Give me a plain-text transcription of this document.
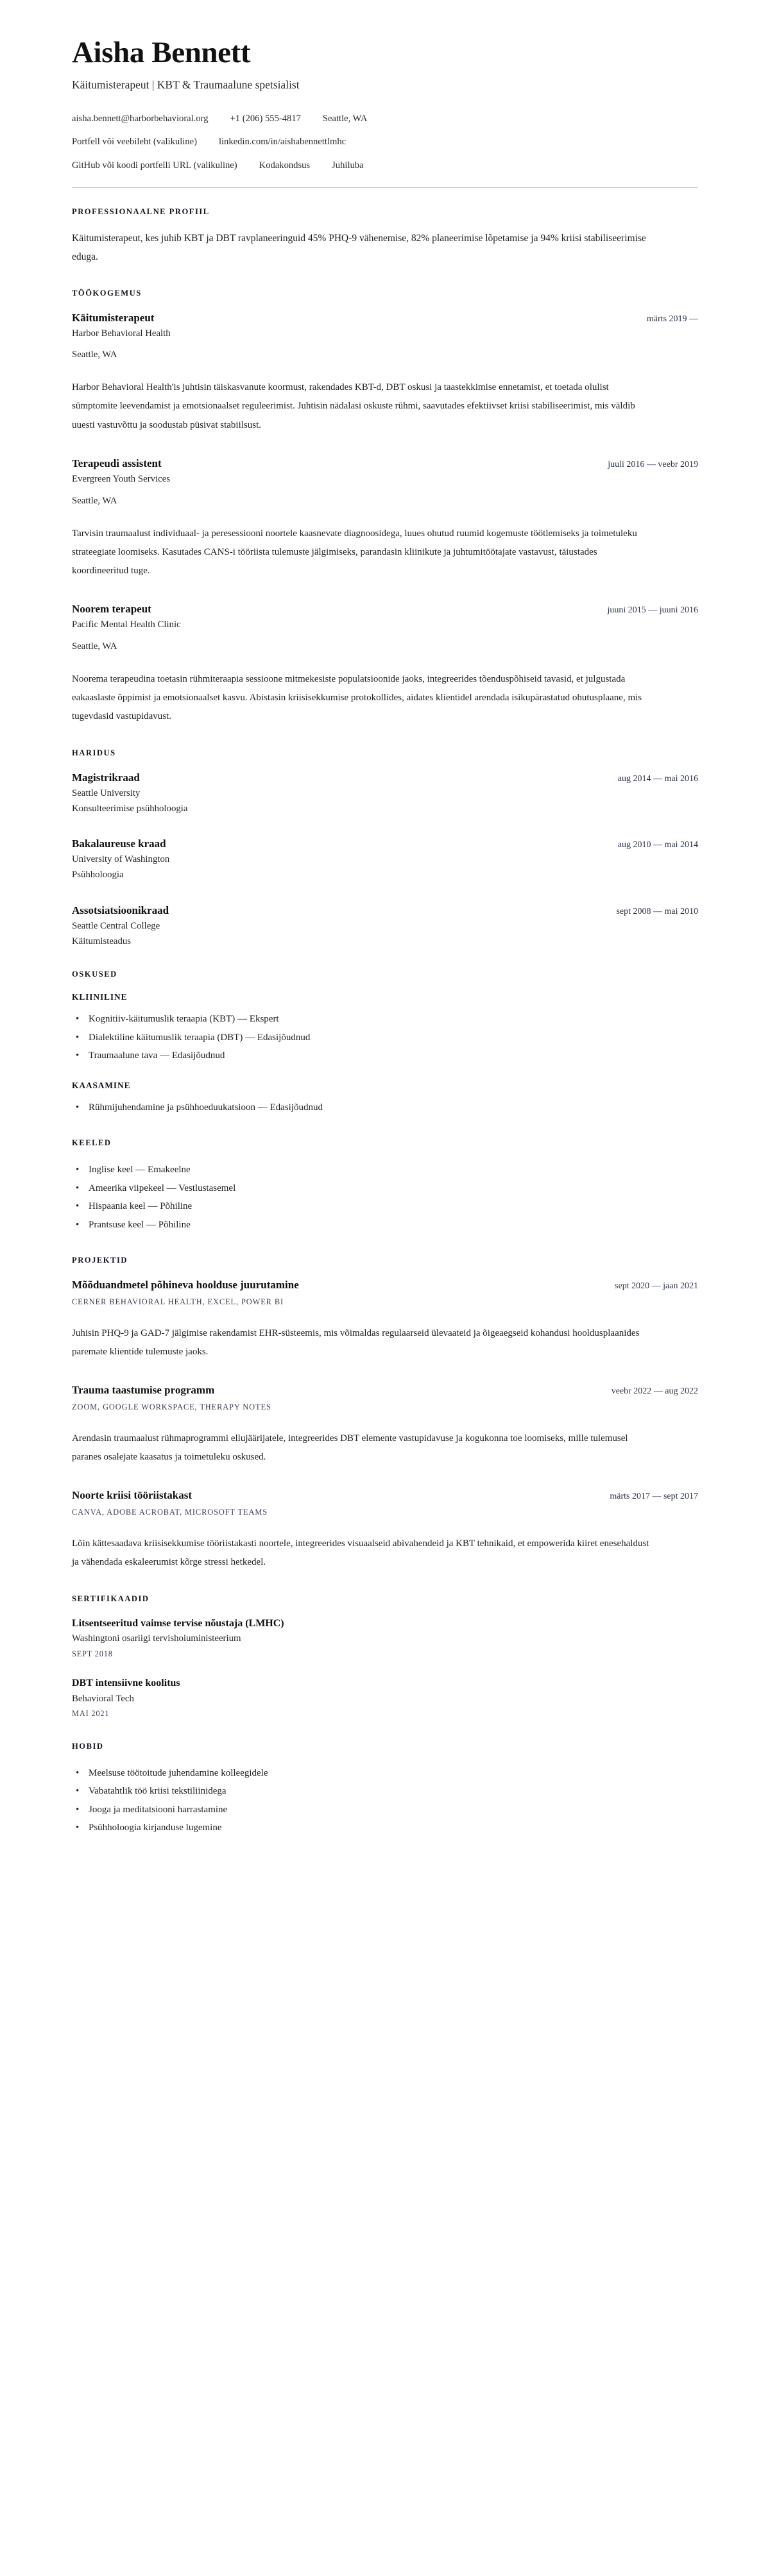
Aisha Bennett
Käitumisterapeut | KBT & Traumaalune spetsialist
aisha.bennett@harborbehavioral.org +1 (206) 555-4817 Seattle, WA
Portfell või veebileht (valikuline) linkedin.com/in/aishabennettlmhc
GitHub või koodi portfelli URL (valikuline) Kodakondsus Juhiluba
PROFESSIONAALNE PROFIIL

Käitumisterapeut, kes juhib KBT ja DBT ravplaneeringuid 45% PHQ-9 vähenemise, 82% planeerimise lõpetamise ja 94% kriisi stabiliseerimise eduga.

TÖÖKOGEMUS
Käitumisterapeut	märts 2019 —
Harbor Behavioral Health
Seattle, WA

Harbor Behavioral Health'is juhtisin täiskasvanute koormust, rakendades KBT-d, DBT oskusi ja taastekkimise ennetamist, et toetada olulist sümptomite leevendamist ja emotsionaalset reguleerimist. Juhtisin nädalasi oskuste rühmi, saavutades efektiivset kriisi stabiliseerimist, mis väldib uuesti vastuvõttu ja soodustab püsivat stabiilsust.

Terapeudi assistent	juuli 2016 — veebr 2019
Evergreen Youth Services
Seattle, WA

Tarvisin traumaalust individuaal- ja peresessiooni noortele kaasnevate diagnoosidega, luues ohutud ruumid kogemuste töötlemiseks ja toimetuleku strateegiate loomiseks. Kasutades CANS-i tööriista tulemuste jälgimiseks, parandasin kliinikute ja juhtumitöötajate vastavust, täiustades koordineeritud tuge.

Noorem terapeut	juuni 2015 — juuni 2016
Pacific Mental Health Clinic
Seattle, WA

Noorema terapeudina toetasin rühmiteraapia sessioone mitmekesiste populatsioonide jaoks, integreerides tõenduspõhiseid tavasid, et julgustada eakaaslaste õppimist ja emotsionaalset kasvu. Abistasin kriisisekkumise protokollides, aidates klientidel arendada isikupärastatud ohutusplaane, mis tugevdasid vastupidavust.

HARIDUS
Magistrikraad	aug 2014 — mai 2016
Seattle University
Konsulteerimise psühholoogia
Bakalaureuse kraad	aug 2010 — mai 2014
University of Washington
Psühholoogia
Assotsiatsioonikraad	sept 2008 — mai 2010
Seattle Central College
Käitumisteadus
OSKUSED
KLIINILINE
• Kognitiiv-käitumuslik teraapia (KBT) — Ekspert
• Dialektiline käitumuslik teraapia (DBT) — Edasijõudnud
• Traumaalune tava — Edasijõudnud
KAASAMINE
• Rühmijuhendamine ja psühhoeduukatsioon — Edasijõudnud
KEELED
• Inglise keel — Emakeelne
• Ameerika viipekeel — Vestlustasemel
• Hispaania keel — Põhiline
• Prantsuse keel — Põhiline
PROJEKTID
Mõõduandmetel põhineva hoolduse juurutamine	sept 2020 — jaan 2021
CERNER BEHAVIORAL HEALTH, EXCEL, POWER BI

Juhisin PHQ-9 ja GAD-7 jälgimise rakendamist EHR-süsteemis, mis võimaldas regulaarseid ülevaateid ja õigeaegseid kohandusi hooldusplaanides paremate klientide tulemuste jaoks.

Trauma taastumise programm	veebr 2022 — aug 2022
ZOOM, GOOGLE WORKSPACE, THERAPY NOTES

Arendasin traumaalust rühmaprogrammi ellujäärijatele, integreerides DBT elemente vastupidavuse ja kogukonna toe loomiseks, mille tulemusel paranes osalejate kaasatus ja toimetuleku oskused.

Noorte kriisi tööriistakast	märts 2017 — sept 2017
CANVA, ADOBE ACROBAT, MICROSOFT TEAMS

Lõin kättesaadava kriisisekkumise tööriistakasti noortele, integreerides visuaalseid abivahendeid ja KBT tehnikaid, et empowerida kiiret enesehaldust ja vähendada eskaleerumist kõrge stressi hetkedel.

SERTIFIKAADID
Litsentseeritud vaimse tervise nõustaja (LMHC)
Washingtoni osariigi tervishoiuministeerium
SEPT 2018
DBT intensiivne koolitus
Behavioral Tech
MAI 2021
HOBID
• Meelsuse töötoitude juhendamine kolleegidele
• Vabatahtlik töö kriisi tekstiliinidega
• Jooga ja meditatsiooni harrastamine
• Psühholoogia kirjanduse lugemine
